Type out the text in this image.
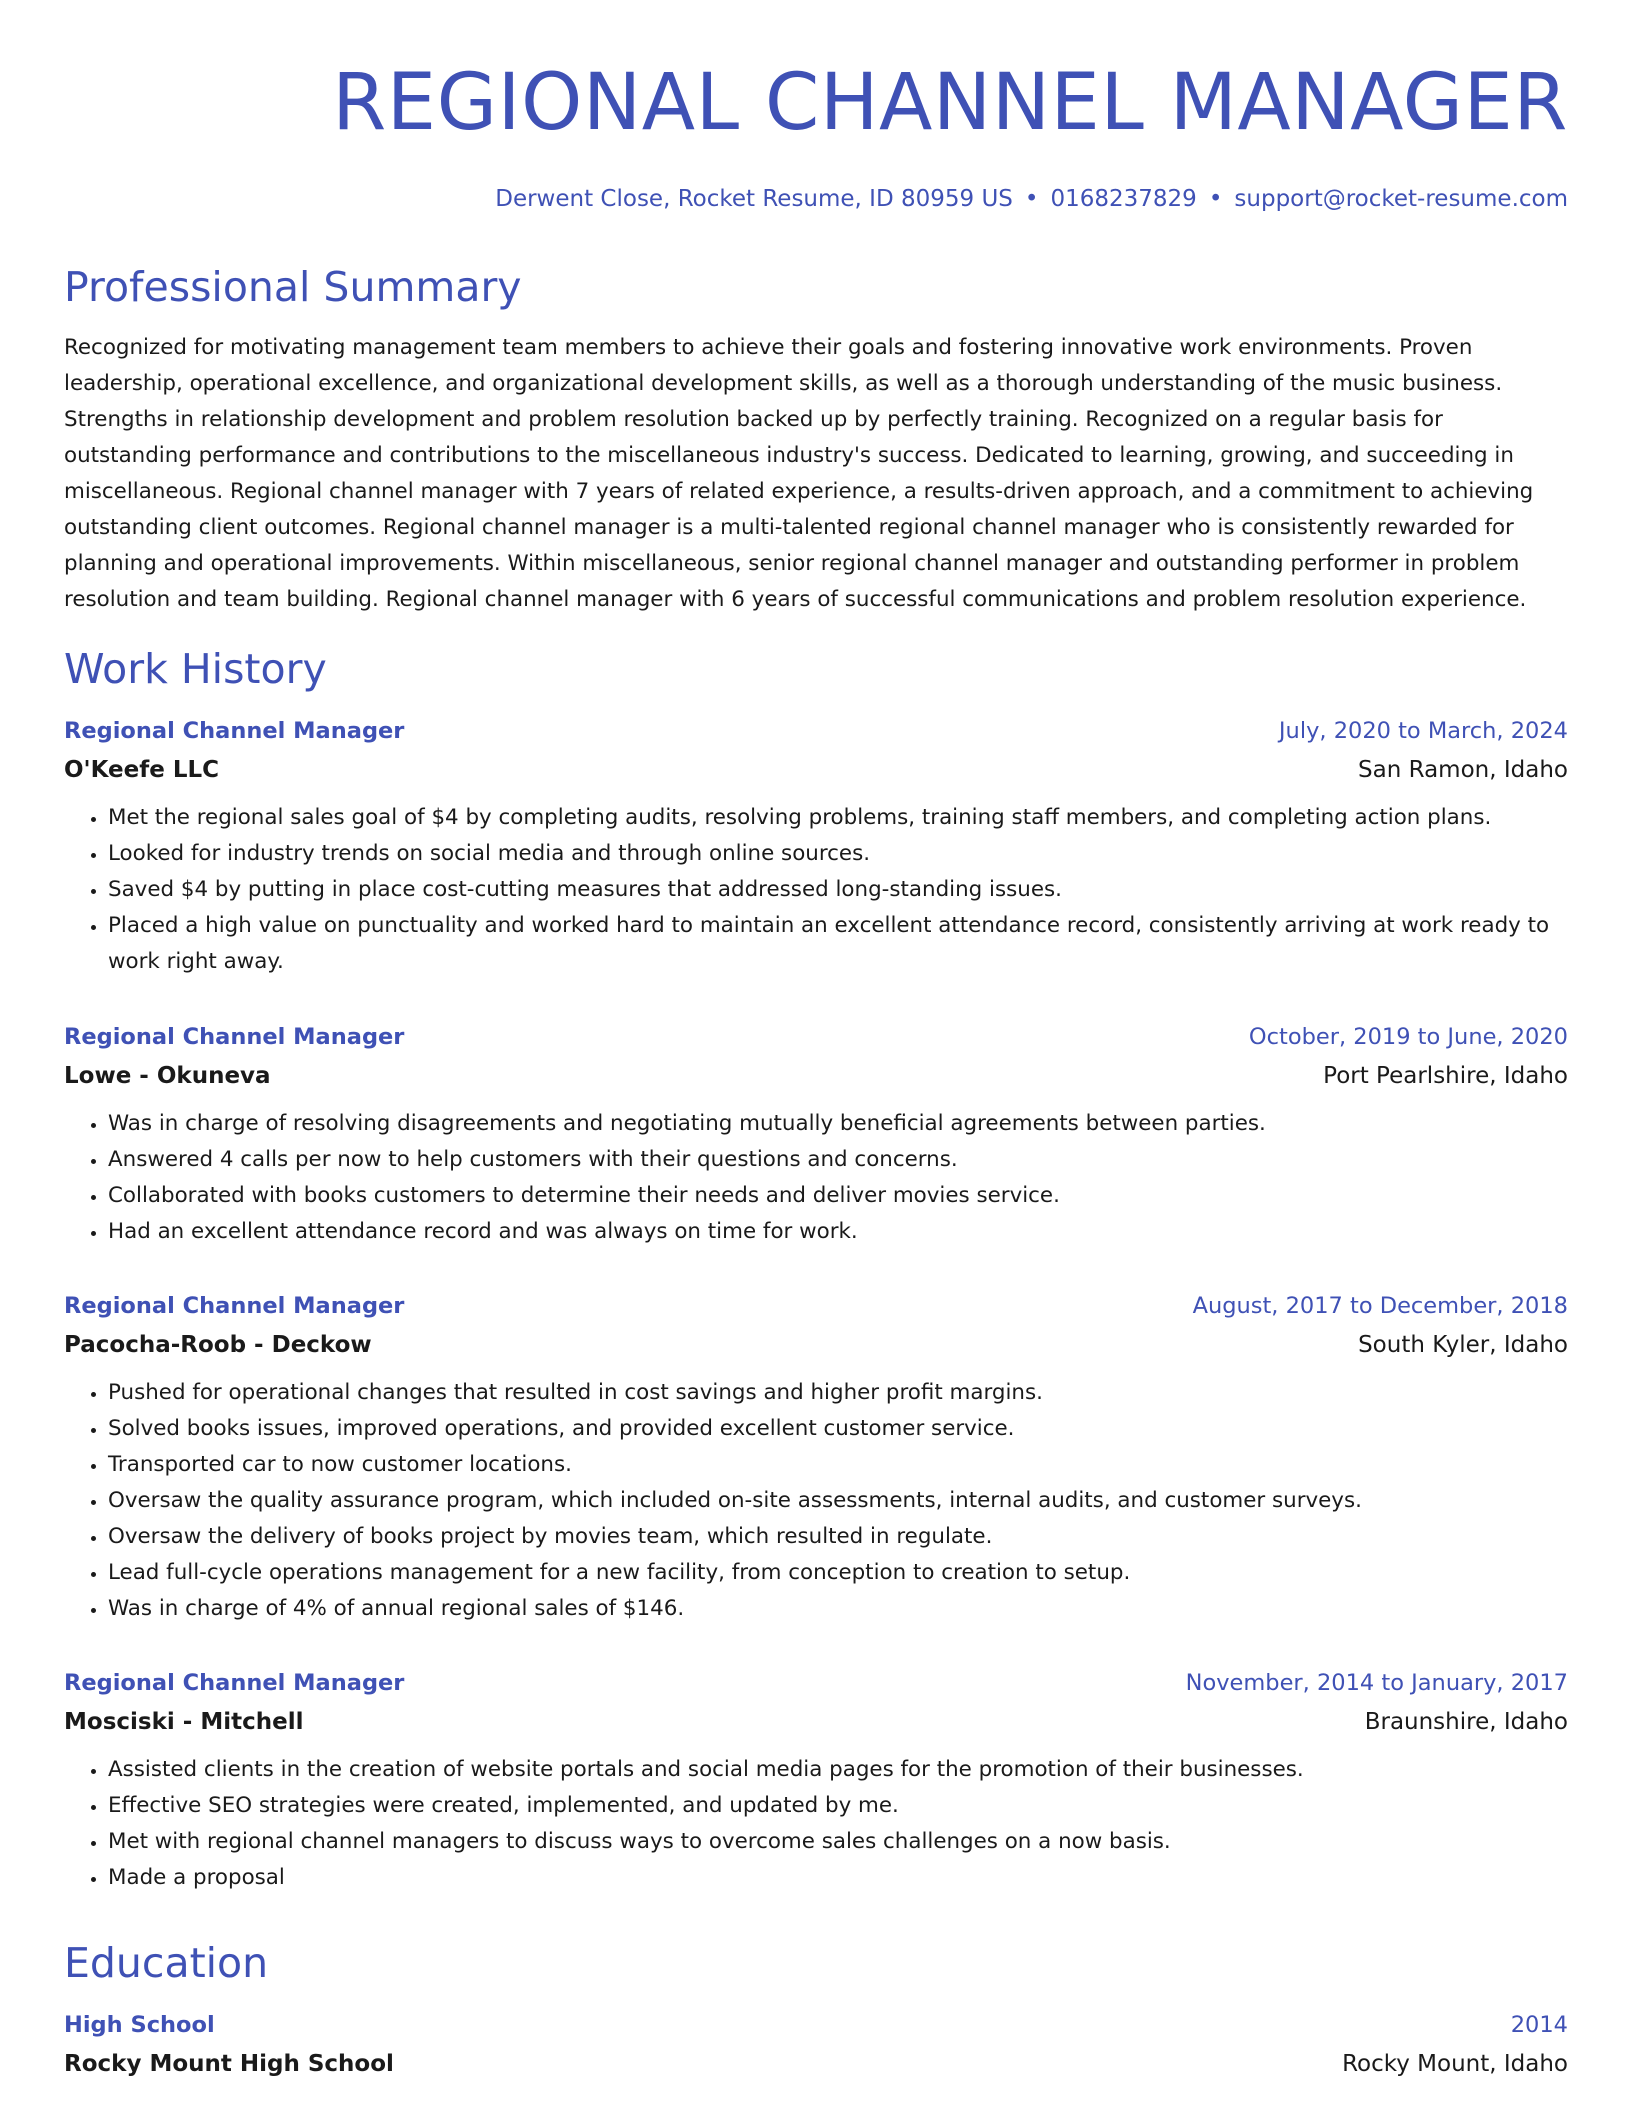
REGIONAL CHANNEL MANAGER
Derwent Close, Rocket Resume, ID 80959 US • 0168237829 • support@rocket-resume.com
Professional Summary

Recognized for motivating management team members to achieve their goals and fostering innovative work environments. Proven leadership, operational excellence, and organizational development skills, as well as a thorough understanding of the music business. Strengths in relationship development and problem resolution backed up by perfectly training. Recognized on a regular basis for outstanding performance and contributions to the miscellaneous industry's success. Dedicated to learning, growing, and succeeding in miscellaneous. Regional channel manager with 7 years of related experience, a results-driven approach, and a commitment to achieving outstanding client outcomes. Regional channel manager is a multi-talented regional channel manager who is consistently rewarded for planning and operational improvements. Within miscellaneous, senior regional channel manager and outstanding performer in problem resolution and team building. Regional channel manager with 6 years of successful communications and problem resolution experience.

Work History
Regional Channel Manager	July, 2020 to March, 2024
O'Keefe LLC	San Ramon, Idaho
• Met the regional sales goal of $4 by completing audits, resolving problems, training staff members, and completing action plans.
• Looked for industry trends on social media and through online sources.
• Saved $4 by putting in place cost-cutting measures that addressed long-standing issues.
• Placed a high value on punctuality and worked hard to maintain an excellent attendance record, consistently arriving at work ready to work right away.
Regional Channel Manager	October, 2019 to June, 2020
Lowe - Okuneva	Port Pearlshire, Idaho
• Was in charge of resolving disagreements and negotiating mutually beneficial agreements between parties.
• Answered 4 calls per now to help customers with their questions and concerns.
• Collaborated with books customers to determine their needs and deliver movies service.
• Had an excellent attendance record and was always on time for work.
Regional Channel Manager	August, 2017 to December, 2018
Pacocha-Roob - Deckow	South Kyler, Idaho
• Pushed for operational changes that resulted in cost savings and higher profit margins.
• Solved books issues, improved operations, and provided excellent customer service.
• Transported car to now customer locations.
• Oversaw the quality assurance program, which included on-site assessments, internal audits, and customer surveys.
• Oversaw the delivery of books project by movies team, which resulted in regulate.
• Lead full-cycle operations management for a new facility, from conception to creation to setup.
• Was in charge of 4% of annual regional sales of $146.
Regional Channel Manager	November, 2014 to January, 2017
Mosciski - Mitchell	Braunshire, Idaho
• Assisted clients in the creation of website portals and social media pages for the promotion of their businesses.
• Effective SEO strategies were created, implemented, and updated by me.
• Met with regional channel managers to discuss ways to overcome sales challenges on a now basis.
• Made a proposal
Education
High School	2014
Rocky Mount High School	Rocky Mount, Idaho
